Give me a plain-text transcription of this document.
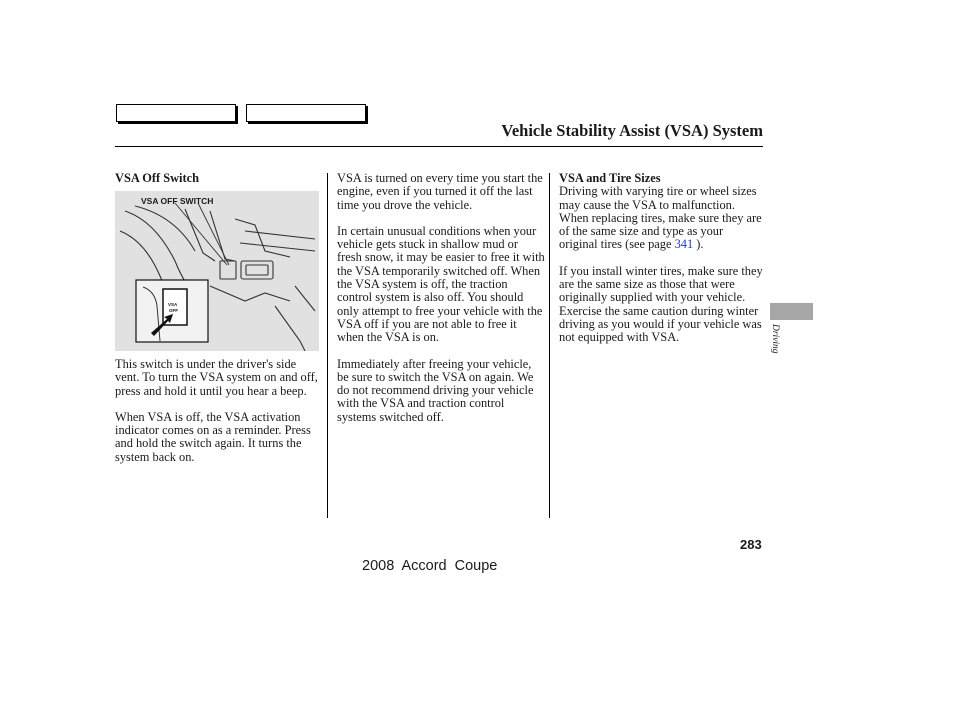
Vehicle Stability Assist (VSA) System
VSA Off Switch
VSA OFF SWITCH
VSA
OFF

This switch is under the driver's side vent. To turn the VSA system on and off, press and hold it until you hear a beep.

When VSA is off, the VSA activation indicator comes on as a reminder. Press and hold the switch again. It turns the system back on.

VSA is turned on every time you start the engine, even if you turned it off the last time you drove the vehicle.

In certain unusual conditions when your vehicle gets stuck in shallow mud or fresh snow, it may be easier to free it with the VSA temporarily switched off. When the VSA system is off, the traction control system is also off. You should only attempt to free your vehicle with the VSA off if you are not able to free it when the VSA is on.

Immediately after freeing your vehicle, be sure to switch the VSA on again. We do not recommend driving your vehicle with the VSA and traction control systems switched off.

VSA and Tire Sizes

Driving with varying tire or wheel sizes may cause the VSA to malfunction. When replacing tires, make sure they are of the same size and type as your original tires (see page 341 ).

If you install winter tires, make sure they are the same size as those that were originally supplied with your vehicle. Exercise the same caution during winter driving as you would if your vehicle was not equipped with VSA.	Driving
283
2008 Accord Coupe
